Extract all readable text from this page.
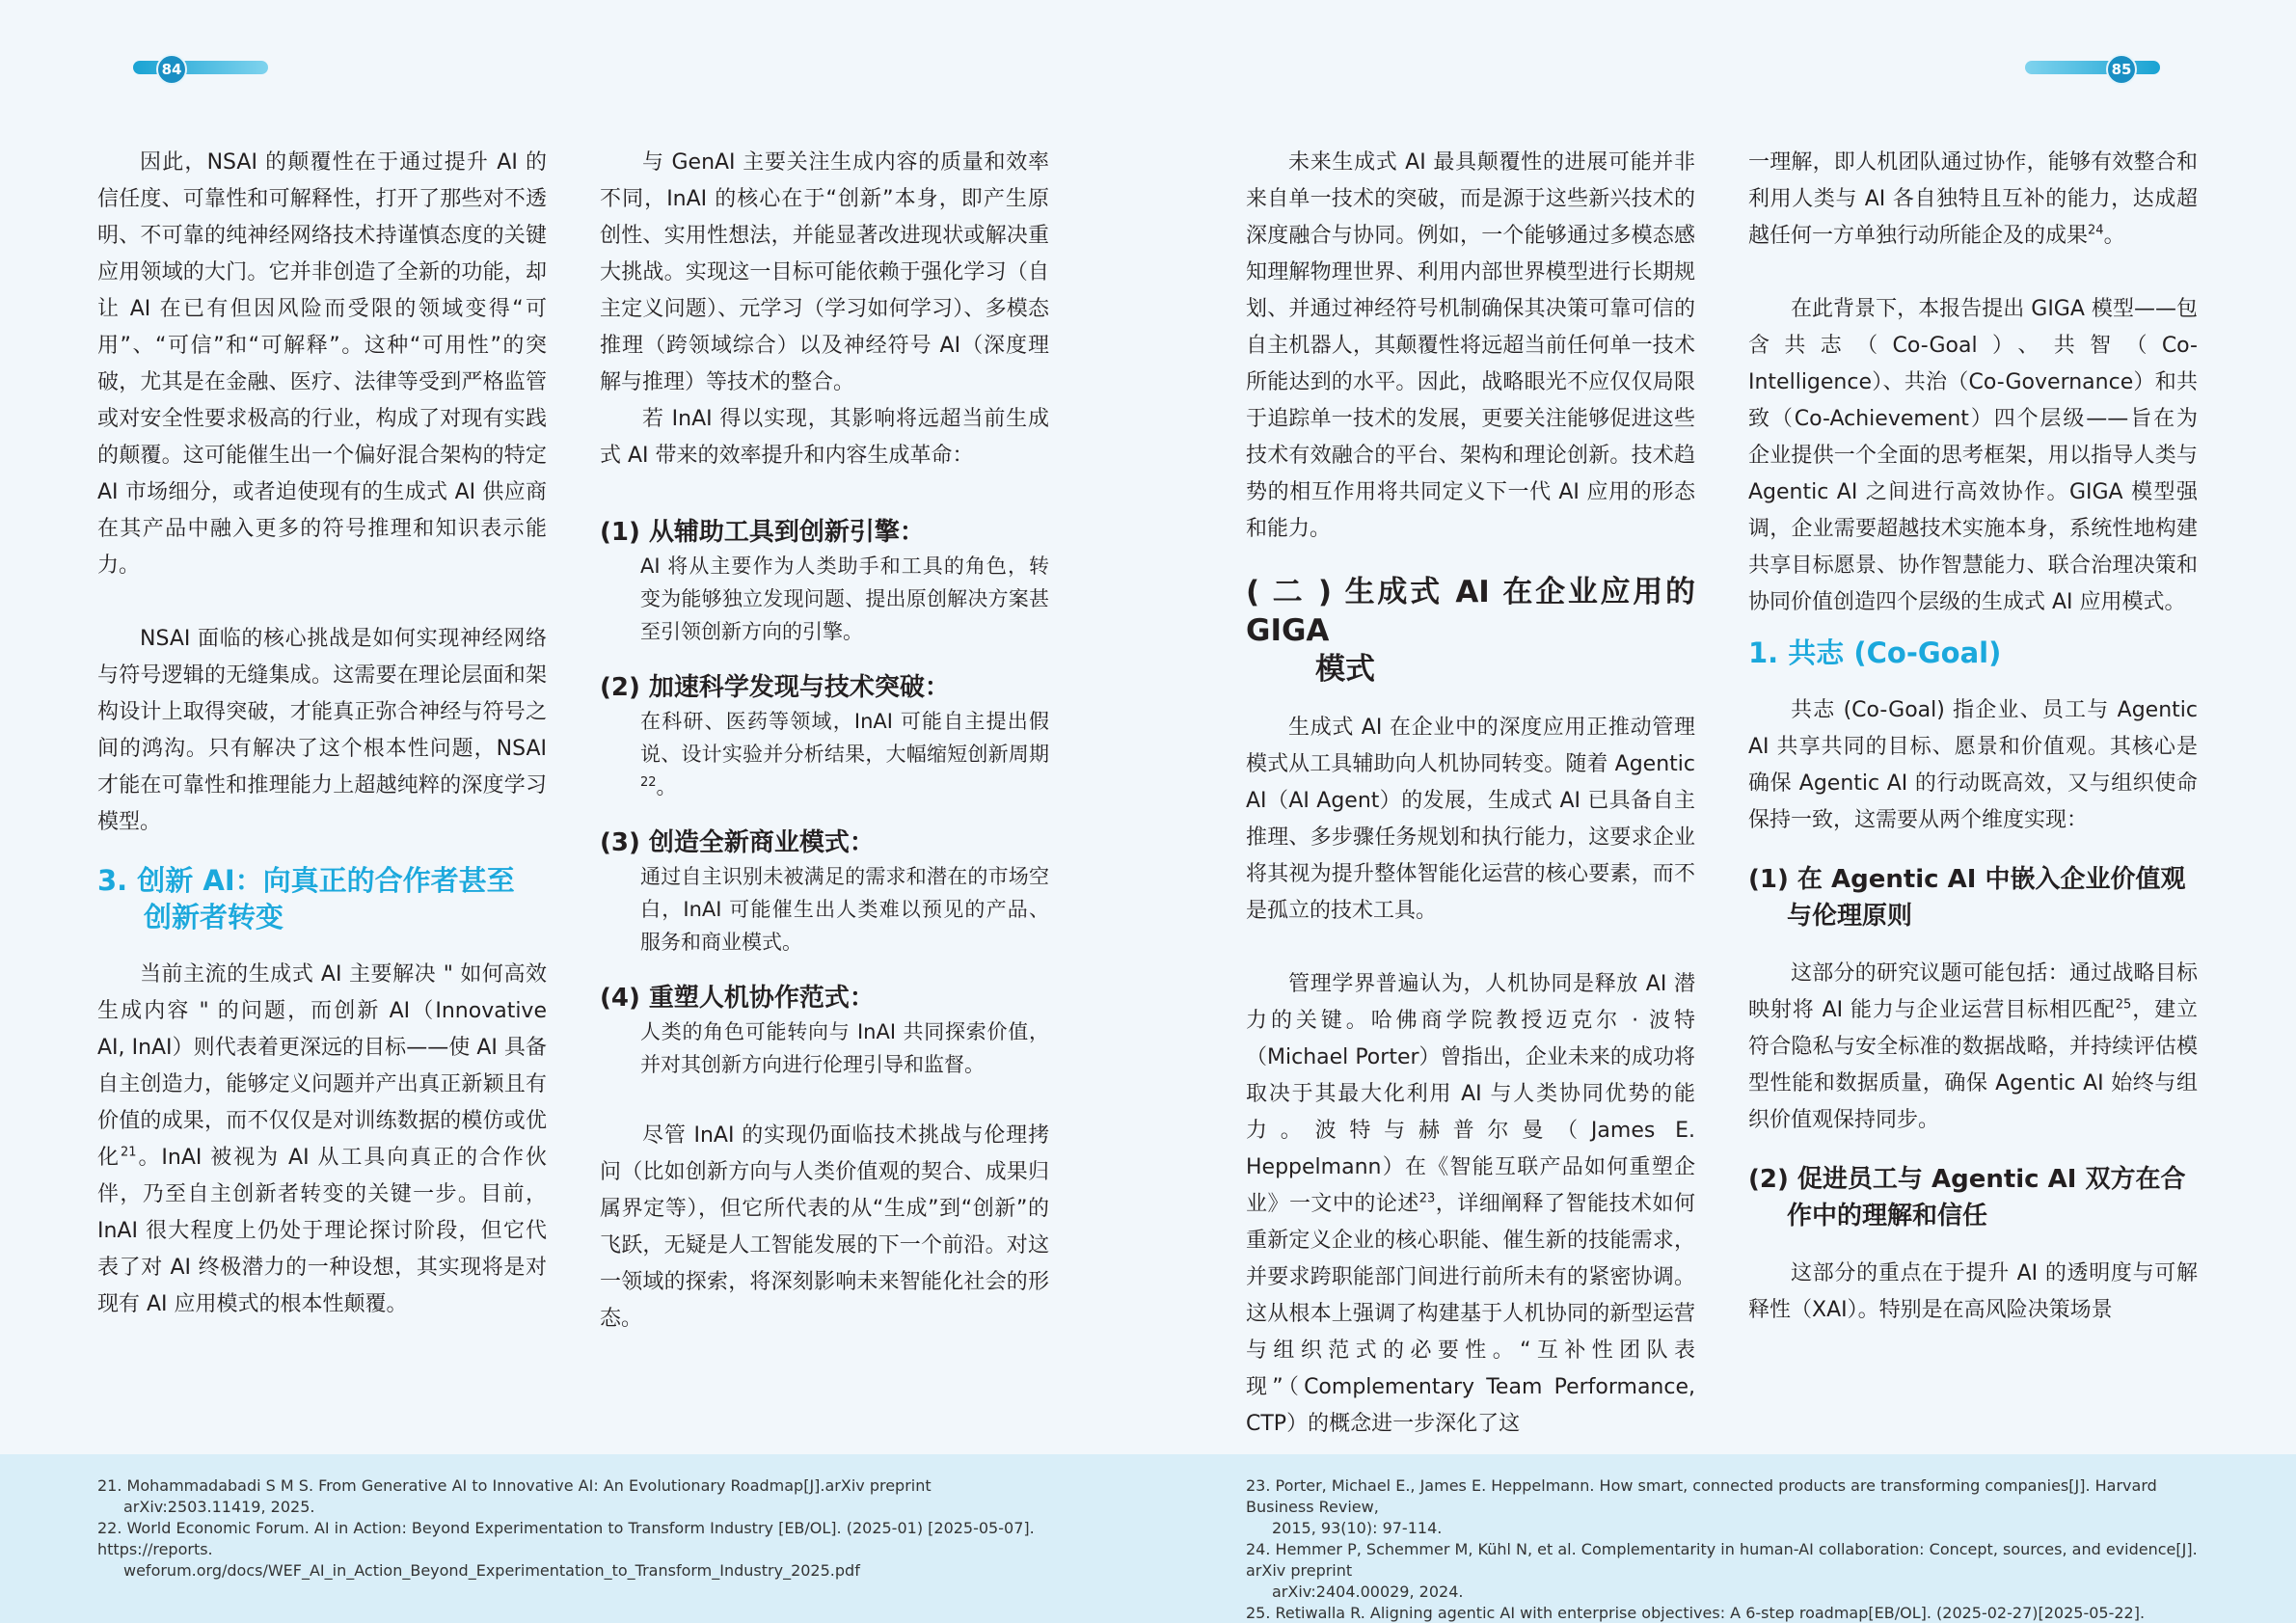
84	85

因此，NSAI 的颠覆性在于通过提升 AI 的信任度、可靠性和可解释性，打开了那些对不透明、不可靠的纯神经网络技术持谨慎态度的关键应用领域的大门。它并非创造了全新的功能，却让 AI 在已有但因风险而受限的领域变得“可用”、“可信”和“可解释”。这种“可用性”的突破，尤其是在金融、医疗、法律等受到严格监管或对安全性要求极高的行业，构成了对现有实践的颠覆。这可能催生出一个偏好混合架构的特定 AI 市场细分，或者迫使现有的生成式 AI 供应商在其产品中融入更多的符号推理和知识表示能力。

NSAI 面临的核心挑战是如何实现神经网络与符号逻辑的无缝集成。这需要在理论层面和架构设计上取得突破，才能真正弥合神经与符号之间的鸿沟。只有解决了这个根本性问题，NSAI 才能在可靠性和推理能力上超越纯粹的深度学习模型。

3. 创新 AI：向真正的合作者甚至
创新者转变

当前主流的生成式 AI 主要解决 " 如何高效生成内容 " 的问题，而创新 AI（Innovative AI, InAI）则代表着更深远的目标——使 AI 具备自主创造力，能够定义问题并产出真正新颖且有价值的成果，而不仅仅是对训练数据的模仿或优化$^{21}$。InAI 被视为 AI 从工具向真正的合作伙伴，乃至自主创新者转变的关键一步。目前，InAI 很大程度上仍处于理论探讨阶段，但它代表了对 AI 终极潜力的一种设想，其实现将是对现有 AI 应用模式的根本性颠覆。

与 GenAI 主要关注生成内容的质量和效率不同，InAI 的核心在于“创新”本身，即产生原创性、实用性想法，并能显著改进现状或解决重大挑战。实现这一目标可能依赖于强化学习（自主定义问题）、元学习（学习如何学习）、多模态推理（跨领域综合）以及神经符号 AI（深度理解与推理）等技术的整合。

若 InAI 得以实现，其影响将远超当前生成式 AI 带来的效率提升和内容生成革命：

(1) 从辅助工具到创新引擎：
AI 将从主要作为人类助手和工具的角色，转变为能够独立发现问题、提出原创解决方案甚至引领创新方向的引擎。
(2) 加速科学发现与技术突破：
在科研、医药等领域，InAI 可能自主提出假说、设计实验并分析结果，大幅缩短创新周期$^{22}$。
(3) 创造全新商业模式：
通过自主识别未被满足的需求和潜在的市场空白，InAI 可能催生出人类难以预见的产品、服务和商业模式。
(4) 重塑人机协作范式：
人类的角色可能转向与 InAI 共同探索价值，并对其创新方向进行伦理引导和监督。

尽管 InAI 的实现仍面临技术挑战与伦理拷问（比如创新方向与人类价值观的契合、成果归属界定等），但它所代表的从“生成”到“创新”的飞跃，无疑是人工智能发展的下一个前沿。对这一领域的探索，将深刻影响未来智能化社会的形态。

未来生成式 AI 最具颠覆性的进展可能并非来自单一技术的突破，而是源于这些新兴技术的深度融合与协同。例如，一个能够通过多模态感知理解物理世界、利用内部世界模型进行长期规划、并通过神经符号机制确保其决策可靠可信的自主机器人，其颠覆性将远超当前任何单一技术所能达到的水平。因此，战略眼光不应仅仅局限于追踪单一技术的发展，更要关注能够促进这些技术有效融合的平台、架构和理论创新。技术趋势的相互作用将共同定义下一代 AI 应用的形态和能力。

( 二 ) 生成式 AI 在企业应用的 GIGA
模式

生成式 AI 在企业中的深度应用正推动管理模式从工具辅助向人机协同转变。随着 Agentic AI（AI Agent）的发展，生成式 AI 已具备自主推理、多步骤任务规划和执行能力，这要求企业将其视为提升整体智能化运营的核心要素，而不是孤立的技术工具。

管理学界普遍认为，人机协同是释放 AI 潜力的关键。哈佛商学院教授迈克尔 · 波特（Michael Porter）曾指出，企业未来的成功将取决于其最大化利用 AI 与人类协同优势的能力。波特与赫普尔曼（James E. Heppelmann）在《智能互联产品如何重塑企业》一文中的论述$^{23}$，详细阐释了智能技术如何重新定义企业的核心职能、催生新的技能需求，并要求跨职能部门间进行前所未有的紧密协调。这从根本上强调了构建基于人机协同的新型运营与组织范式的必要性。“互补性团队表现”（Complementary Team Performance, CTP）的概念进一步深化了这

一理解，即人机团队通过协作，能够有效整合和利用人类与 AI 各自独特且互补的能力，达成超越任何一方单独行动所能企及的成果$^{24}$。

在此背景下，本报告提出 GIGA 模型——包含共志（Co-Goal）、共智（Co-Intelligence）、共治（Co-Governance）和共致（Co-Achievement）四个层级——旨在为企业提供一个全面的思考框架，用以指导人类与 Agentic AI 之间进行高效协作。GIGA 模型强调，企业需要超越技术实施本身，系统性地构建共享目标愿景、协作智慧能力、联合治理决策和协同价值创造四个层级的生成式 AI 应用模式。

1. 共志 (Co-Goal)

共志 (Co-Goal) 指企业、员工与 Agentic AI 共享共同的目标、愿景和价值观。其核心是确保 Agentic AI 的行动既高效，又与组织使命保持一致，这需要从两个维度实现：

(1) 在 Agentic AI 中嵌入企业价值观
与伦理原则

这部分的研究议题可能包括：通过战略目标映射将 AI 能力与企业运营目标相匹配$^{25}$，建立符合隐私与安全标准的数据战略，并持续评估模型性能和数据质量，确保 Agentic AI 始终与组织价值观保持同步。

(2) 促进员工与 Agentic AI 双方在合
作中的理解和信任

这部分的重点在于提升 AI 的透明度与可解释性（XAI）。特别是在高风险决策场景

21. Mohammadabadi S M S. From Generative AI to Innovative AI: An Evolutionary Roadmap[J].arXiv preprint
arXiv:2503.11419, 2025.
22. World Economic Forum. AI in Action: Beyond Experimentation to Transform Industry [EB/OL]. (2025-01) [2025-05-07]. https://reports.
weforum.org/docs/WEF_AI_in_Action_Beyond_Experimentation_to_Transform_Industry_2025.pdf
23. Porter, Michael E., James E. Heppelmann. How smart, connected products are transforming companies[J]. Harvard Business Review,
2015, 93(10): 97-114.
24. Hemmer P, Schemmer M, Kühl N, et al. Complementarity in human-AI collaboration: Concept, sources, and evidence[J]. arXiv preprint
arXiv:2404.00029, 2024.
25. Retiwalla R. Aligning agentic AI with enterprise objectives: A 6-step roadmap[EB/OL]. (2025-02-27)[2025-05-22].
